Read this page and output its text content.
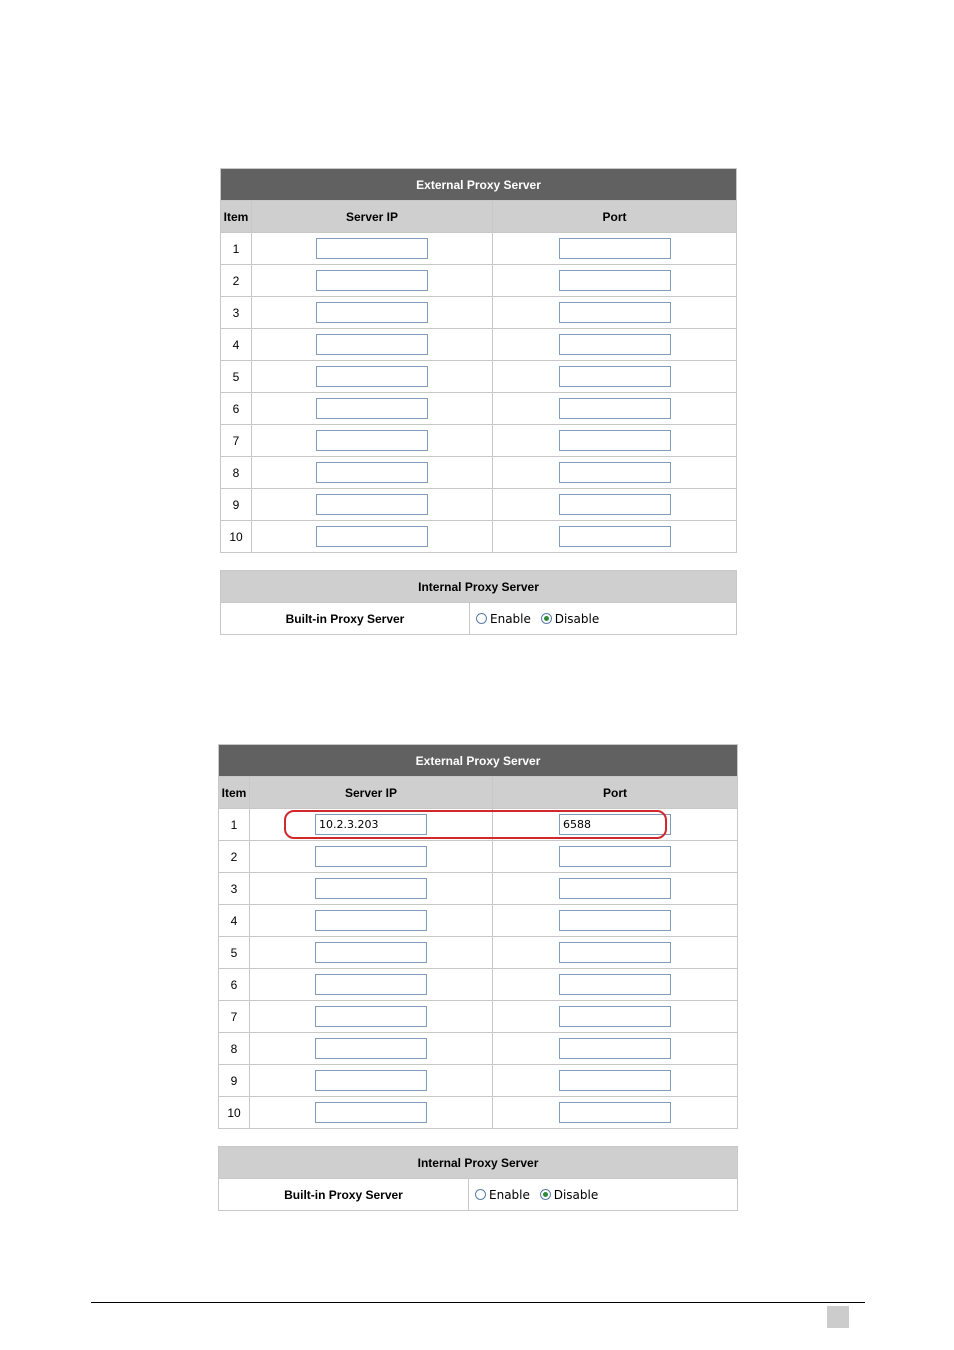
External Proxy Server		
Item	Server IP	Port
1		
2		
3		
4		
5		
6		
7		
8		
9		
10		
Internal Proxy Server
Built-in Proxy Server	Enable Disable
External Proxy Server		
Item	Server IP	Port
1	10.2.3.203	6588
2		
3		
4		
5		
6		
7		
8		
9		
10		
Internal Proxy Server
Built-in Proxy Server	Enable Disable
